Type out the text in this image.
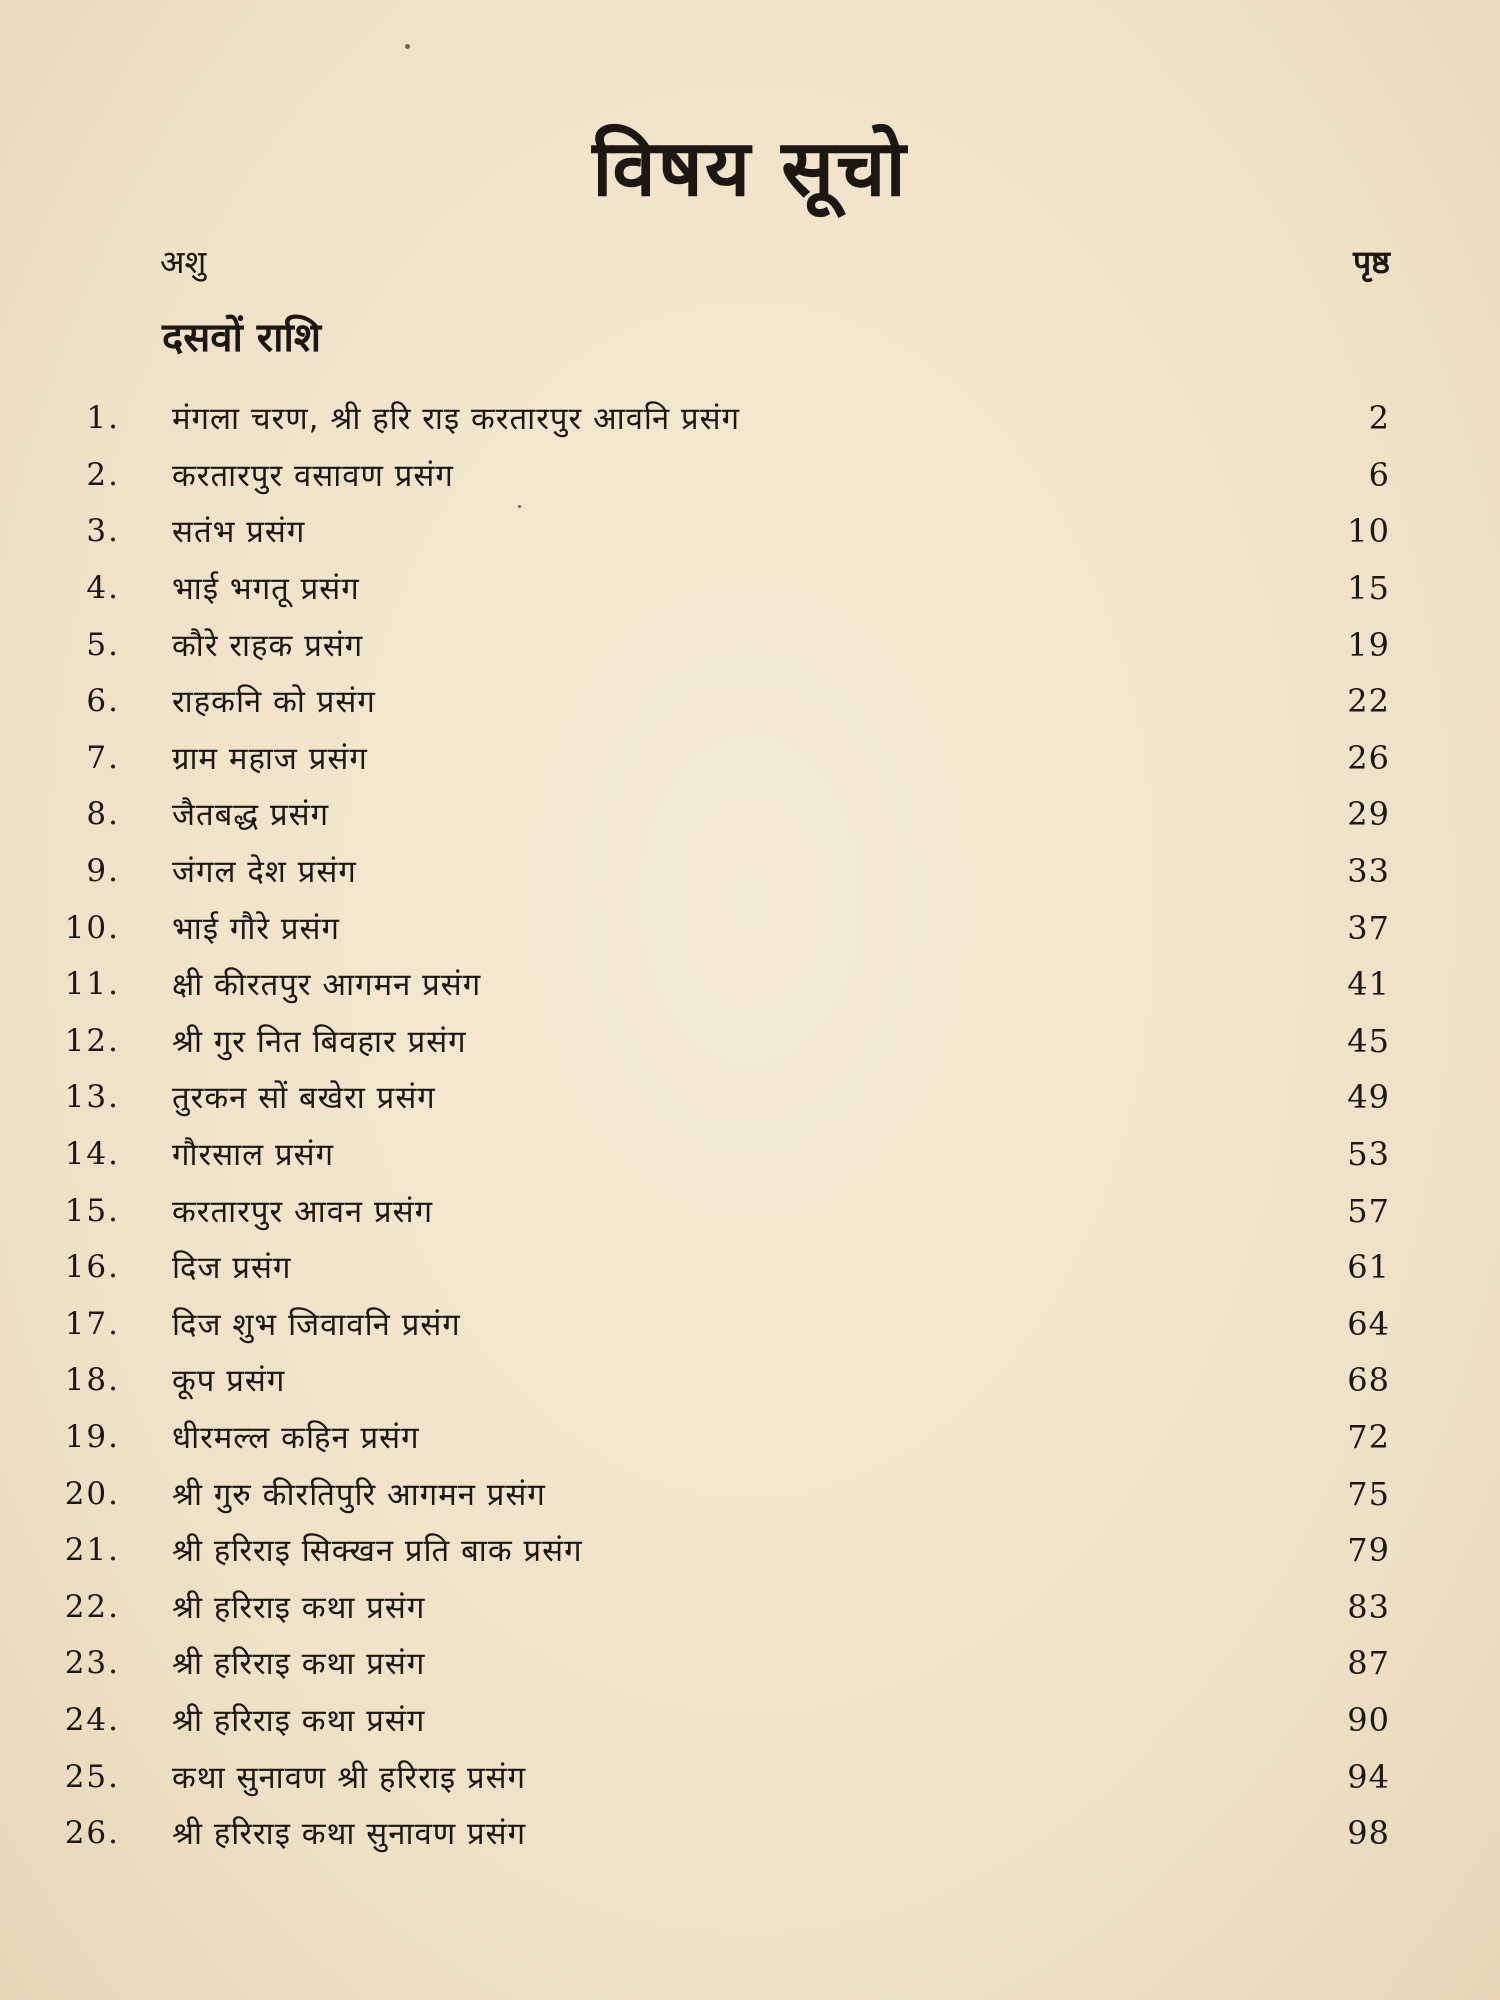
विषय सूचो
अशु	पृष्ठ
दसवों राशि
1.	मंगला चरण, श्री हरि राइ करतारपुर आवनि प्रसंग	2
2.	करतारपुर वसावण प्रसंग	6
3.	सतंभ प्रसंग	10
4.	भाई भगतू प्रसंग	15
5.	कौरे राहक प्रसंग	19
6.	राहकनि को प्रसंग	22
7.	ग्राम महाज प्रसंग	26
8.	जैतबद्ध प्रसंग	29
9.	जंगल देश प्रसंग	33
10.	भाई गौरे प्रसंग	37
11.	क्षी कीरतपुर आगमन प्रसंग	41
12.	श्री गुर नित बिवहार प्रसंग	45
13.	तुरकन सों बखेरा प्रसंग	49
14.	गौरसाल प्रसंग	53
15.	करतारपुर आवन प्रसंग	57
16.	दिज प्रसंग	61
17.	दिज शुभ जिवावनि प्रसंग	64
18.	कूप प्रसंग	68
19.	धीरमल्ल कहिन प्रसंग	72
20.	श्री गुरु कीरतिपुरि आगमन प्रसंग	75
21.	श्री हरिराइ सिक्खन प्रति बाक प्रसंग	79
22.	श्री हरिराइ कथा प्रसंग	83
23.	श्री हरिराइ कथा प्रसंग	87
24.	श्री हरिराइ कथा प्रसंग	90
25.	कथा सुनावण श्री हरिराइ प्रसंग	94
26.	श्री हरिराइ कथा सुनावण प्रसंग	98
